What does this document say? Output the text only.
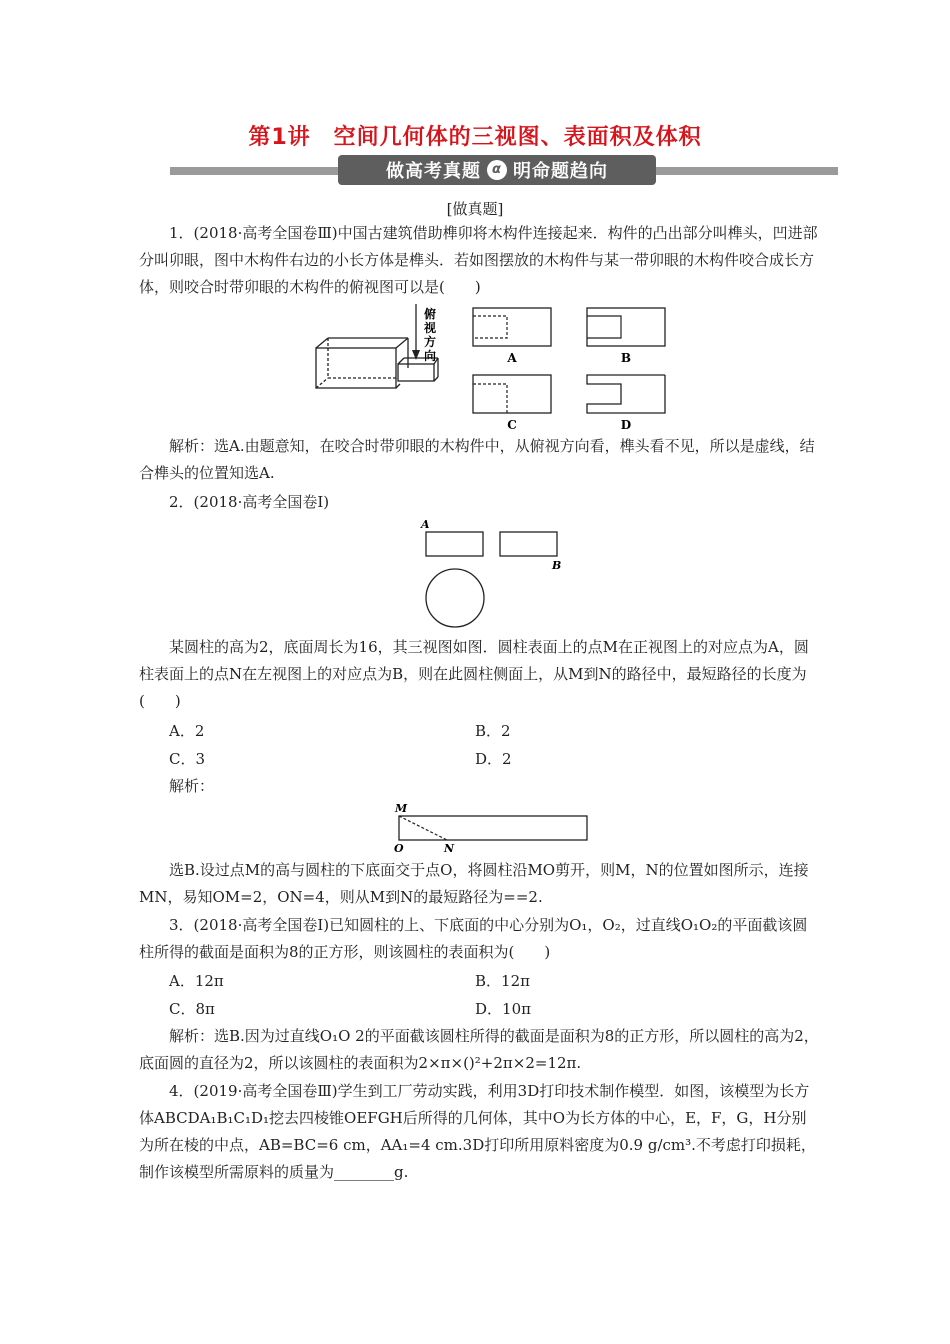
第1讲　空间几何体的三视图、表面积及体积
做高考真题 α 明命题趋向
[做真题]

1．(2018·高考全国卷Ⅲ)中国古建筑借助榫卯将木构件连接起来．构件的凸出部分叫榫头，凹进部分叫卯眼，图中木构件右边的小长方体是榫头．若如图摆放的木构件与某一带卯眼的木构件咬合成长方体，则咬合时带卯眼的木构件的俯视图可以是(　　)

俯
视
方
向	A	B
C	D

解析：选A.由题意知，在咬合时带卯眼的木构件中，从俯视方向看，榫头看不见，所以是虚线，结合榫头的位置知选A.

2．(2018·高考全国卷Ⅰ)

A
B

某圆柱的高为2，底面周长为16，其三视图如图．圆柱表面上的点M在正视图上的对应点为A，圆柱表面上的点N在左视图上的对应点为B，则在此圆柱侧面上，从M到N的路径中，最短路径的长度为(　　)

A．2	B．2
C．3	D．2

解析：

M
O	N

选B.设过点M的高与圆柱的下底面交于点O，将圆柱沿MO剪开，则M，N的位置如图所示，连接MN，易知OM=2，ON=4，则从M到N的最短路径为==2.

3．(2018·高考全国卷Ⅰ)已知圆柱的上、下底面的中心分别为O₁，O₂，过直线O₁O₂的平面截该圆柱所得的截面是面积为8的正方形，则该圆柱的表面积为(　　)

A．12π	B．12π
C．8π	D．10π

解析：选B.因为过直线O₁O 2的平面截该圆柱所得的截面是面积为8的正方形，所以圆柱的高为2，底面圆的直径为2，所以该圆柱的表面积为2×π×()²+2π×2=12π.

4．(2019·高考全国卷Ⅲ)学生到工厂劳动实践，利用3D打印技术制作模型．如图，该模型为长方体ABCDA₁B₁C₁D₁挖去四棱锥OEFGH后所得的几何体，其中O为长方体的中心，E，F，G，H分别为所在棱的中点，AB=BC=6 cm，AA₁=4 cm.3D打印所用原料密度为0.9 g/cm³.不考虑打印损耗，制作该模型所需原料的质量为________g.
